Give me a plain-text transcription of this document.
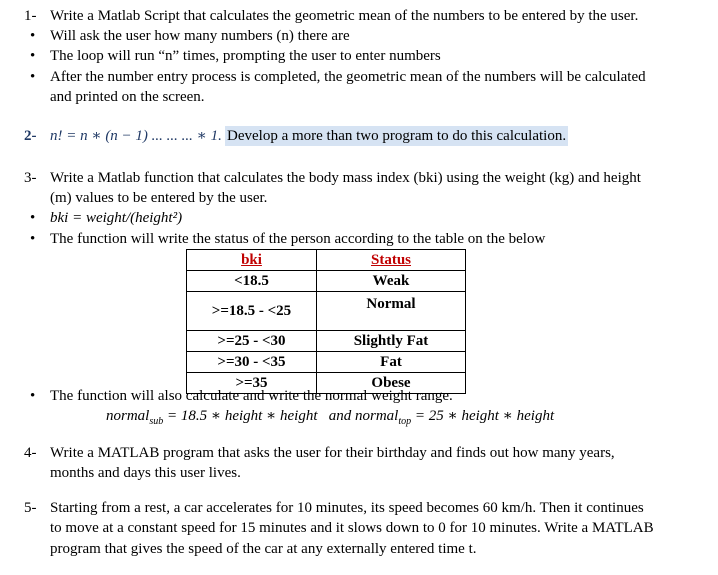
1- Write a Matlab Script that calculates the geometric mean of the numbers to be entered by the user.
• Will ask the user how many numbers (n) there are
• The loop will run “n” times, prompting the user to enter numbers
• After the number entry process is completed, the geometric mean of the numbers will be calculated
and printed on the screen.
2- n! = n ∗ (n − 1) ... ... ... ∗ 1. Develop a more than two program to do this calculation.
3- Write a Matlab function that calculates the body mass index (bki) using the weight (kg) and height
(m) values to be entered by the user.
• bki = weight/(height²)
• The function will write the status of the person according to the table on the below
bki	Status
<18.5	Weak
>=18.5 - <25	Normal
>=25 - <30	Slightly Fat
>=30 - <35	Fat
>=35	Obese
• The function will also calculate and write the normal weight range.
normal$_{sub}$ = 18.5 ∗ height ∗ height and normal$_{top}$ = 25 ∗ height ∗ height
4- Write a MATLAB program that asks the user for their birthday and finds out how many years,
months and days this user lives.
5- Starting from a rest, a car accelerates for 10 minutes, its speed becomes 60 km/h. Then it continues
to move at a constant speed for 15 minutes and it slows down to 0 for 10 minutes. Write a MATLAB
program that gives the speed of the car at any externally entered time t.
